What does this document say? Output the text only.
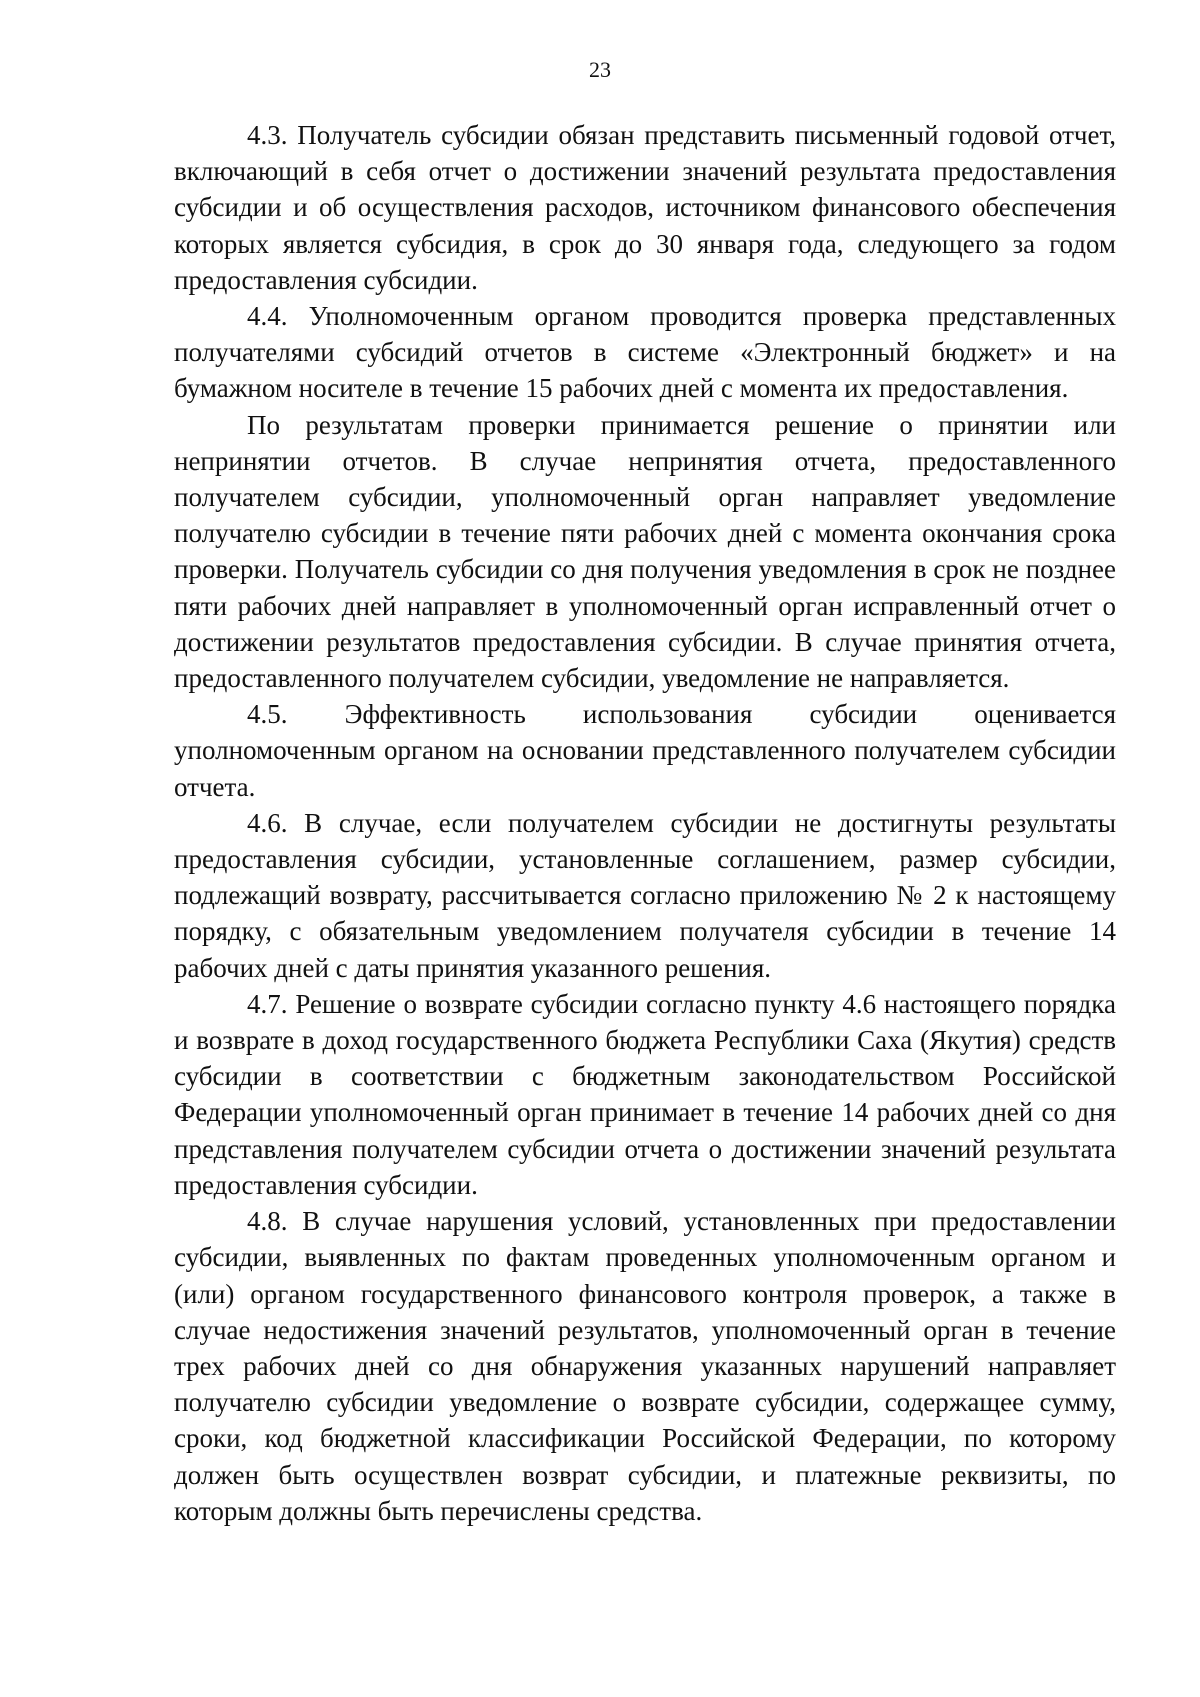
23

4.3. Получатель субсидии обязан представить письменный годовой отчет, включающий в себя отчет о достижении значений результата предоставления субсидии и об осуществления расходов, источником финансового обеспечения которых является субсидия, в срок до 30 января года, следующего за годом предоставления субсидии.

4.4. Уполномоченным органом проводится проверка представленных получателями субсидий отчетов в системе «Электронный бюджет» и на бумажном носителе в течение 15 рабочих дней с момента их предоставления.

По результатам проверки принимается решение о принятии или непринятии отчетов. В случае непринятия отчета, предоставленного получателем субсидии, уполномоченный орган направляет уведомление получателю субсидии в течение пяти рабочих дней с момента окончания срока проверки. Получатель субсидии со дня получения уведомления в срок не позднее пяти рабочих дней направляет в уполномоченный орган исправленный отчет о достижении результатов предоставления субсидии. В случае принятия отчета, предоставленного получателем субсидии, уведомление не направляется.

4.5. Эффективность использования субсидии оценивается уполномоченным органом на основании представленного получателем субсидии отчета.

4.6. В случае, если получателем субсидии не достигнуты результаты предоставления субсидии, установленные соглашением, размер субсидии, подлежащий возврату, рассчитывается согласно приложению № 2 к настоящему порядку, с обязательным уведомлением получателя субсидии в течение 14 рабочих дней с даты принятия указанного решения.

4.7. Решение о возврате субсидии согласно пункту 4.6 настоящего порядка и возврате в доход государственного бюджета Республики Саха (Якутия) средств субсидии в соответствии с бюджетным законодательством Российской Федерации уполномоченный орган принимает в течение 14 рабочих дней со дня представления получателем субсидии отчета о достижении значений результата предоставления субсидии.

4.8. В случае нарушения условий, установленных при предоставлении субсидии, выявленных по фактам проведенных уполномоченным органом и (или) органом государственного финансового контроля проверок, а также в случае недостижения значений результатов, уполномоченный орган в течение трех рабочих дней со дня обнаружения указанных нарушений направляет получателю субсидии уведомление о возврате субсидии, содержащее сумму, сроки, код бюджетной классификации Российской Федерации, по которому должен быть осуществлен возврат субсидии, и платежные реквизиты, по которым должны быть перечислены средства.
